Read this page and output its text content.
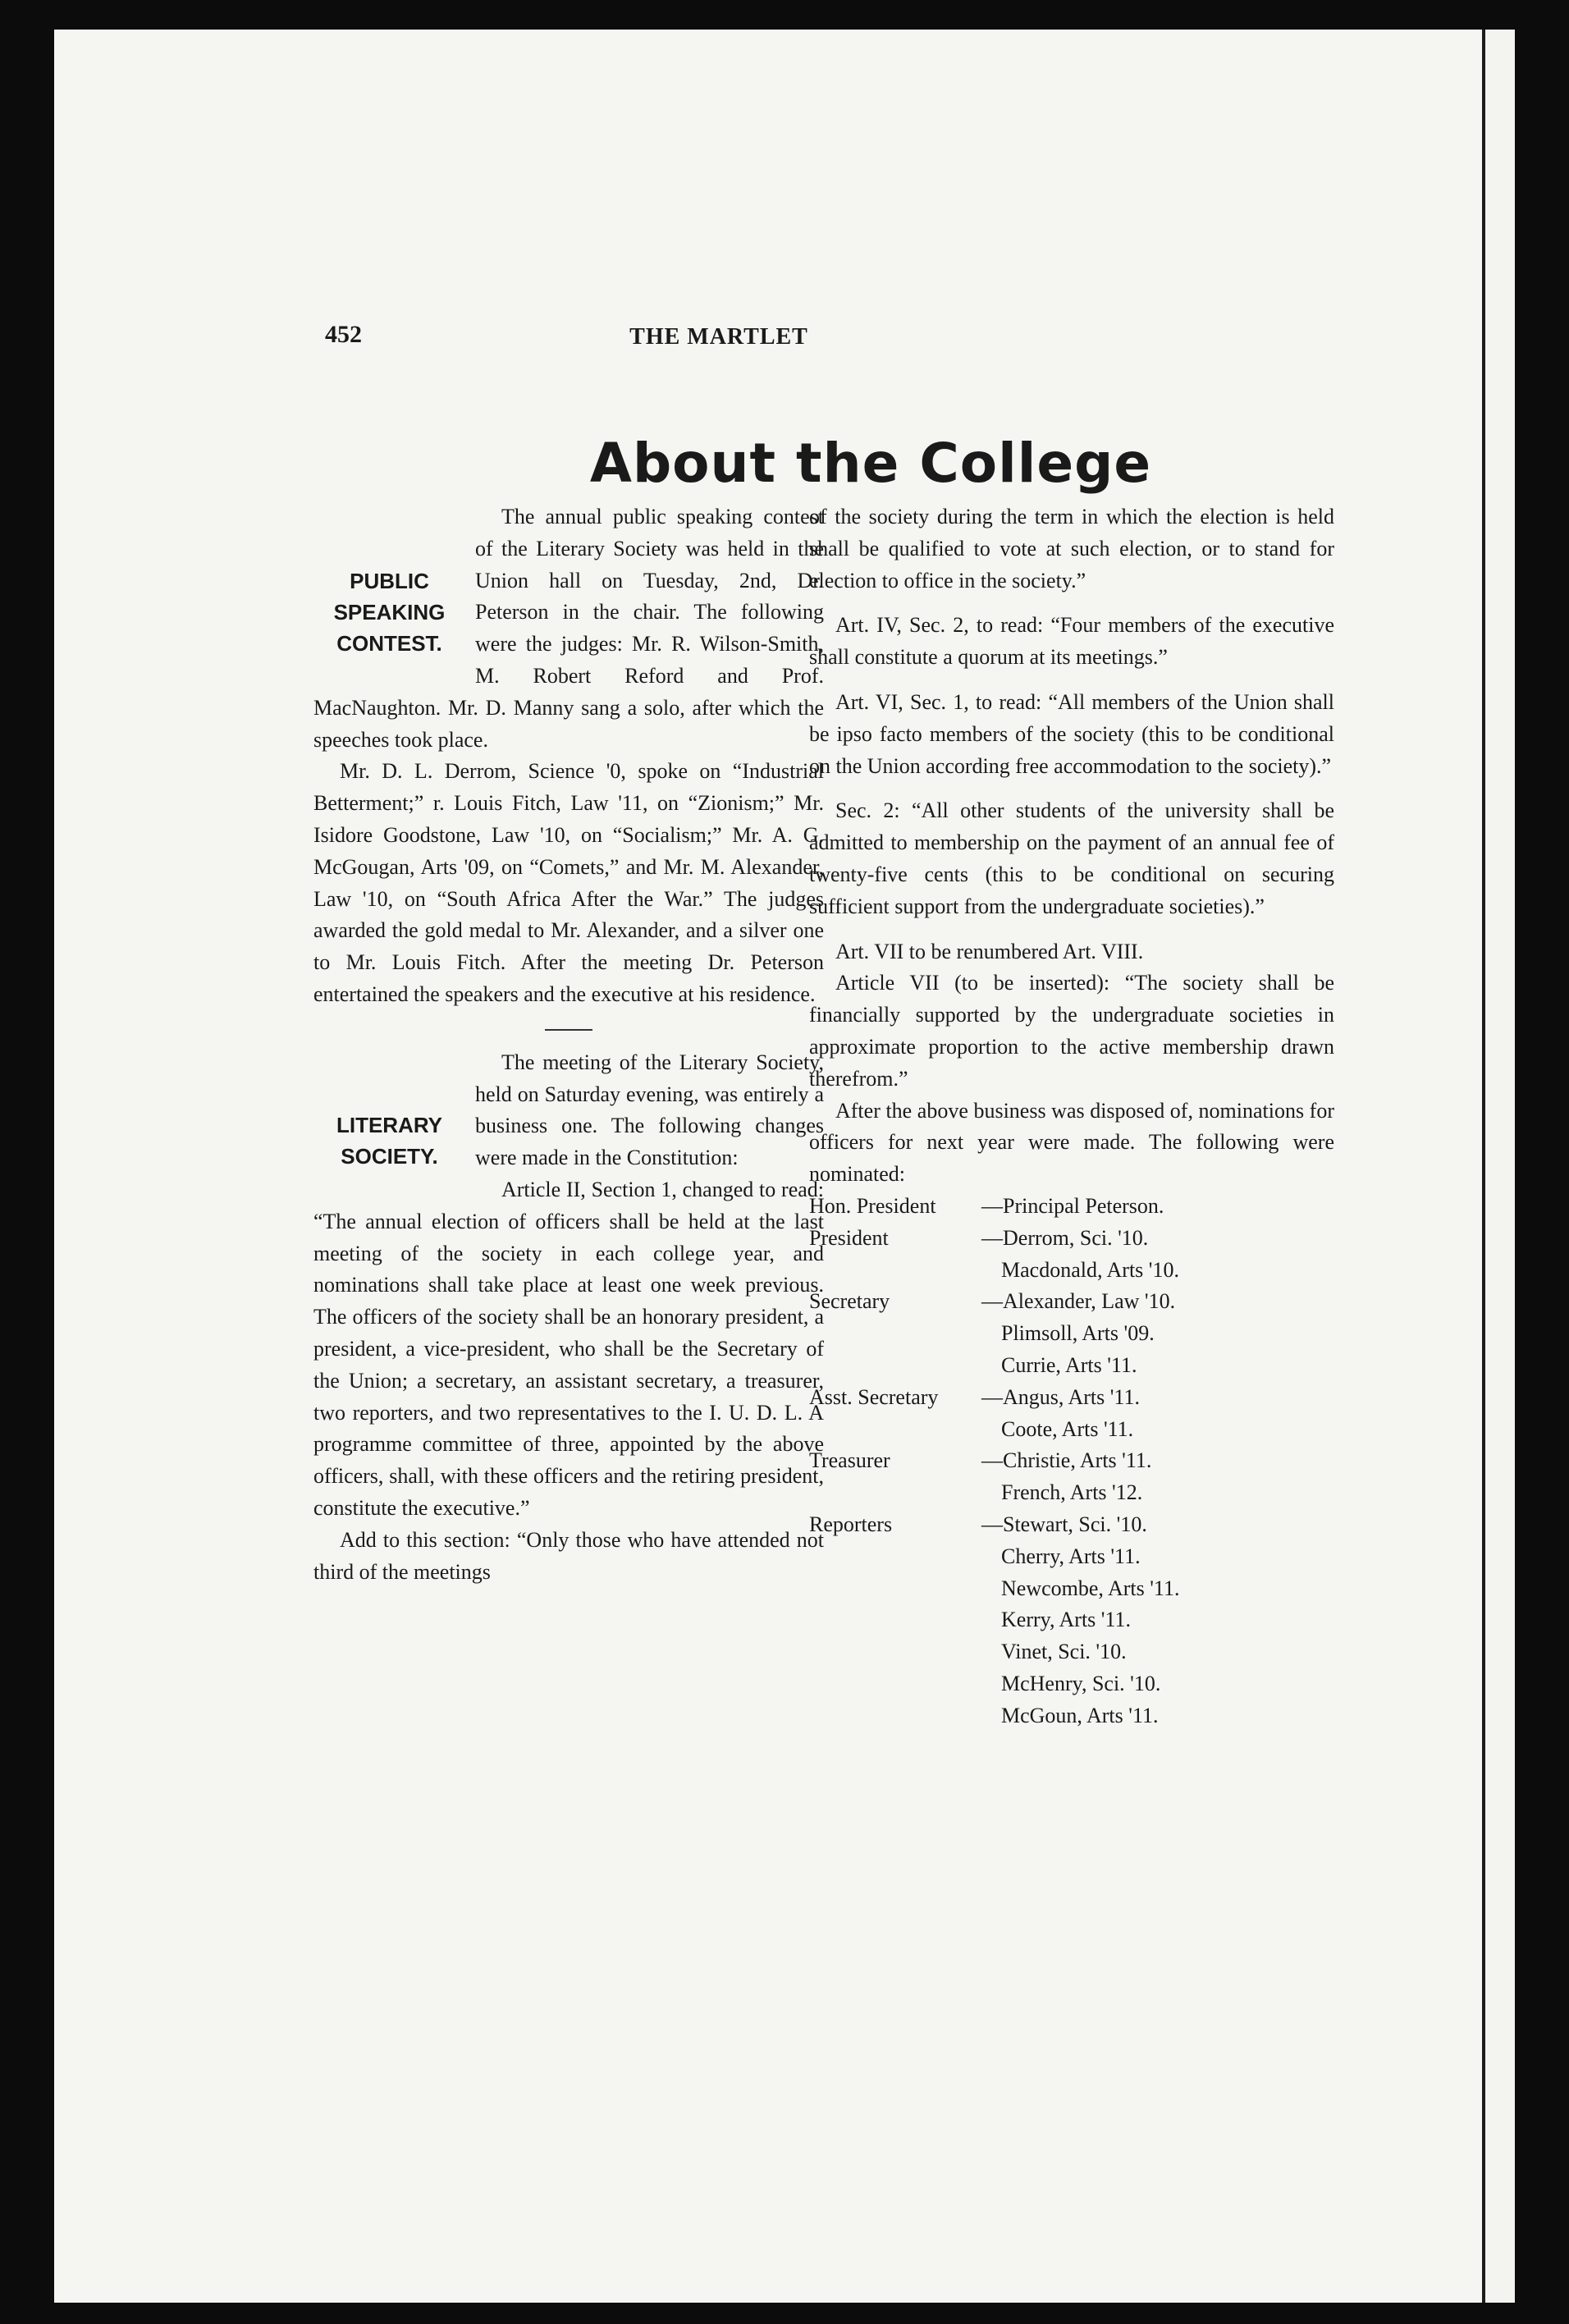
452	THE MARTLET
About the College
PUBLIC
SPEAKING
CONTEST.

The annual public speaking contest of the Literary Society was held in the Union hall on Tuesday, 2nd, Dr. Peterson in the chair. The following were the judges: Mr. R. Wilson-Smith, M. Robert Reford and Prof. MacNaughton. Mr. D. Manny sang a solo, after which the speeches took place.

Mr. D. L. Derrom, Science '0, spoke on “Industrial Betterment;” r. Louis Fitch, Law '11, on “Zionism;” Mr. Isidore Goodstone, Law '10, on “Socialism;” Mr. A. G. McGougan, Arts '09, on “Comets,” and Mr. M. Alexander, Law '10, on “South Africa After the War.” The judges awarded the gold medal to Mr. Alexander, and a silver one to Mr. Louis Fitch. After the meeting Dr. Peterson entertained the speakers and the executive at his residence.

LITERARY
SOCIETY.

The meeting of the Literary Society, held on Saturday evening, was entirely a business one. The following changes were made in the Constitution:

Article II, Section 1, changed to read: “The annual election of officers shall be held at the last meeting of the society in each college year, and nominations shall take place at least one week previous. The officers of the society shall be an honorary president, a president, a vice-president, who shall be the Secretary of the Union; a secretary, an assistant secretary, a treasurer, two reporters, and two representatives to the I. U. D. L. A programme committee of three, appointed by the above officers, shall, with these officers and the retiring president, constitute the executive.”

Add to this section: “Only those who have attended not third of the meetings

of the society during the term in which the election is held shall be qualified to vote at such election, or to stand for election to office in the society.”

Art. IV, Sec. 2, to read: “Four members of the executive shall constitute a quorum at its meetings.”

Art. VI, Sec. 1, to read: “All members of the Union shall be ipso facto members of the society (this to be conditional on the Union according free accommodation to the society).”

Sec. 2: “All other students of the university shall be admitted to membership on the payment of an annual fee of twenty-five cents (this to be conditional on securing sufficient support from the undergraduate societies).”

Art. VII to be renumbered Art. VIII.

Article VII (to be inserted): “The society shall be financially supported by the undergraduate societies in approximate proportion to the active membership drawn therefrom.”

After the above business was disposed of, nominations for officers for next year were made. The following were nominated:

Hon. President	—Principal Peterson.
President	—Derrom, Sci. '10.
Macdonald, Arts '10.
Secretary	—Alexander, Law '10.
Plimsoll, Arts '09.
Currie, Arts '11.
Asst. Secretary	—Angus, Arts '11.
Coote, Arts '11.
Treasurer	—Christie, Arts '11.
French, Arts '12.
Reporters	—Stewart, Sci. '10.
Cherry, Arts '11.
Newcombe, Arts '11.
Kerry, Arts '11.
Vinet, Sci. '10.
McHenry, Sci. '10.
McGoun, Arts '11.
